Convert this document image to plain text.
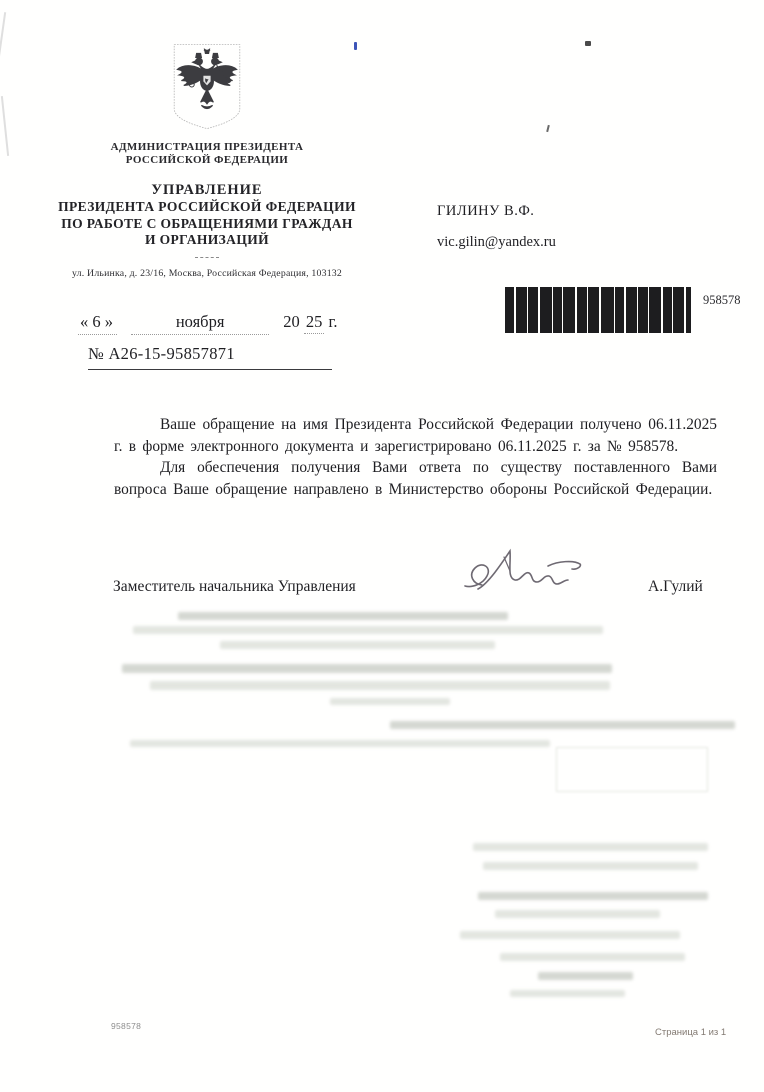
АДМИНИСТРАЦИЯ ПРЕЗИДЕНТА
РОССИЙСКОЙ ФЕДЕРАЦИИ
УПРАВЛЕНИЕ
ПРЕЗИДЕНТА РОССИЙСКОЙ ФЕДЕРАЦИИ
ПО РАБОТЕ С ОБРАЩЕНИЯМИ ГРАЖДАН
И ОРГАНИЗАЦИЙ
ул. Ильинка, д. 23/16, Москва, Российская Федерация, 103132
ГИЛИНУ В.Ф.
vic.gilin@yandex.ru
958578
« 6 »	ноября	20 25 г.
№ А26-15-95857871

Ваше обращение на имя Президента Российской Федерации получено 06.11.2025 г. в форме электронного документа и зарегистрировано 06.11.2025 г. за № 958578.

Для обеспечения получения Вами ответа по существу поставленного Вами вопроса Ваше обращение направлено в Министерство обороны Российской Федерации.

Заместитель начальника Управления	А.Гулий
958578
Страница 1 из 1
